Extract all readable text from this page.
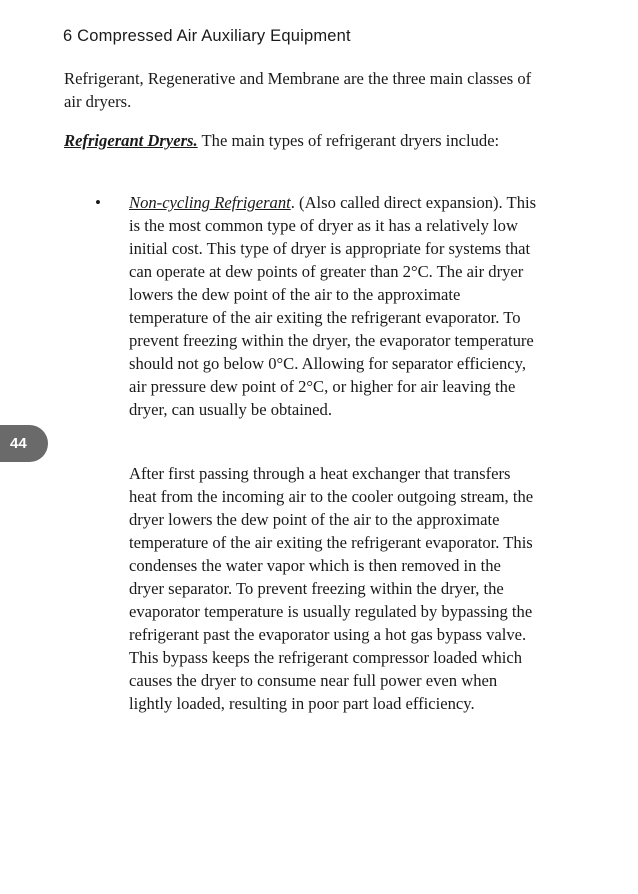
6 Compressed Air Auxiliary Equipment
44

Refrigerant, Regenerative and Membrane are the three main classes of air dryers.

Refrigerant Dryers. The main types of refrigerant dryers include:

• Non-cycling Refrigerant. (Also called direct expansion). This is the most common type of dryer as it has a relatively low initial cost. This type of dryer is appropriate for systems that can operate at dew points of greater than 2°C. The air dryer lowers the dew point of the air to the approximate temperature of the air exiting the refrigerant evaporator. To prevent freezing within the dryer, the evaporator temperature should not go below 0°C. Allowing for separator efficiency, air pressure dew point of 2°C, or higher for air leaving the dryer, can usually be obtained.

After first passing through a heat exchanger that transfers heat from the incoming air to the cooler outgoing stream, the dryer lowers the dew point of the air to the approximate temperature of the air exiting the refrigerant evaporator. This condenses the water vapor which is then removed in the dryer separator. To prevent freezing within the dryer, the evaporator temperature is usually regulated by bypassing the refrigerant past the evaporator using a hot gas bypass valve. This bypass keeps the refrigerant compressor loaded which causes the dryer to consume near full power even when lightly loaded, resulting in poor part load efficiency.
